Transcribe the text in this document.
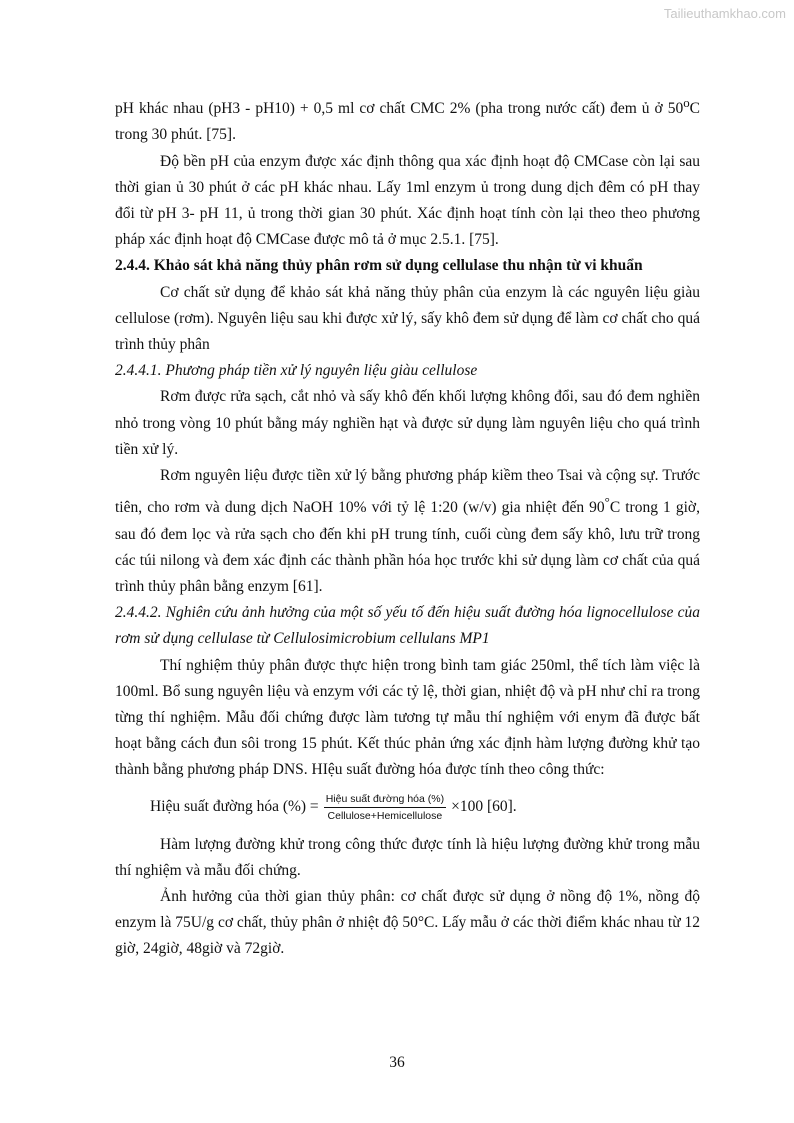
Tailieuthamkhao.com

pH khác nhau (pH3 - pH10) + 0,5 ml cơ chất CMC 2% (pha trong nước cất) đem ủ ở 50$^o$C trong 30 phút. [75].

Độ bền pH của enzym được xác định thông qua xác định hoạt độ CMCase còn lại sau thời gian ủ 30 phút ở các pH khác nhau. Lấy 1ml enzym ủ trong dung dịch đêm có pH thay đổi từ pH 3- pH 11, ủ trong thời gian 30 phút. Xác định hoạt tính còn lại theo theo phương pháp xác định hoạt độ CMCase được mô tả ở mục 2.5.1. [75].

2.4.4. Khảo sát khả năng thủy phân rơm sử dụng cellulase thu nhận từ vi khuẩn

Cơ chất sử dụng để khảo sát khả năng thủy phân của enzym là các nguyên liệu giàu cellulose (rơm). Nguyên liệu sau khi được xử lý, sấy khô đem sử dụng để làm cơ chất cho quá trình thủy phân

2.4.4.1. Phương pháp tiền xử lý nguyên liệu giàu cellulose

Rơm được rửa sạch, cắt nhỏ và sấy khô đến khối lượng không đổi, sau đó đem nghiền nhỏ trong vòng 10 phút bằng máy nghiền hạt và được sử dụng làm nguyên liệu cho quá trình tiền xử lý.

Rơm nguyên liệu được tiền xử lý bằng phương pháp kiềm theo Tsai và cộng sự. Trước tiên, cho rơm và dung dịch NaOH 10% với tỷ lệ 1:20 (w/v) gia nhiệt đến 90°C trong 1 giờ, sau đó đem lọc và rửa sạch cho đến khi pH trung tính, cuối cùng đem sấy khô, lưu trữ trong các túi nilong và đem xác định các thành phần hóa học trước khi sử dụng làm cơ chất của quá trình thủy phân bằng enzym [61].

2.4.4.2. Nghiên cứu ảnh hưởng của một số yếu tố đến hiệu suất đường hóa lignocellulose của rơm sử dụng cellulase từ Cellulosimicrobium cellulans MP1

Thí nghiệm thủy phân được thực hiện trong bình tam giác 250ml, thể tích làm việc là 100ml. Bổ sung nguyên liệu và enzym với các tỷ lệ, thời gian, nhiệt độ và pH như chỉ ra trong từng thí nghiệm. Mẫu đối chứng được làm tương tự mẫu thí nghiệm với enym đã được bất hoạt bằng cách đun sôi trong 15 phút. Kết thúc phản ứng xác định hàm lượng đường khử tạo thành bằng phương pháp DNS. HIệu suất đường hóa được tính theo công thức:

Hiệu suất đường hóa (%) = $\frac{\text{Hiệu suất đường hóa (\%)}}{\text{Cellulose+Hemicellulose}} \times 100$ [60].

Hàm lượng đường khử trong công thức được tính là hiệu lượng đường khử trong mẫu thí nghiệm và mẫu đối chứng.

Ảnh hưởng của thời gian thủy phân: cơ chất được sử dụng ở nồng độ 1%, nồng độ enzym là 75U/g cơ chất, thủy phân ở nhiệt độ 50°C. Lấy mẫu ở các thời điểm khác nhau từ 12 giờ, 24giờ, 48giờ và 72giờ.

36
